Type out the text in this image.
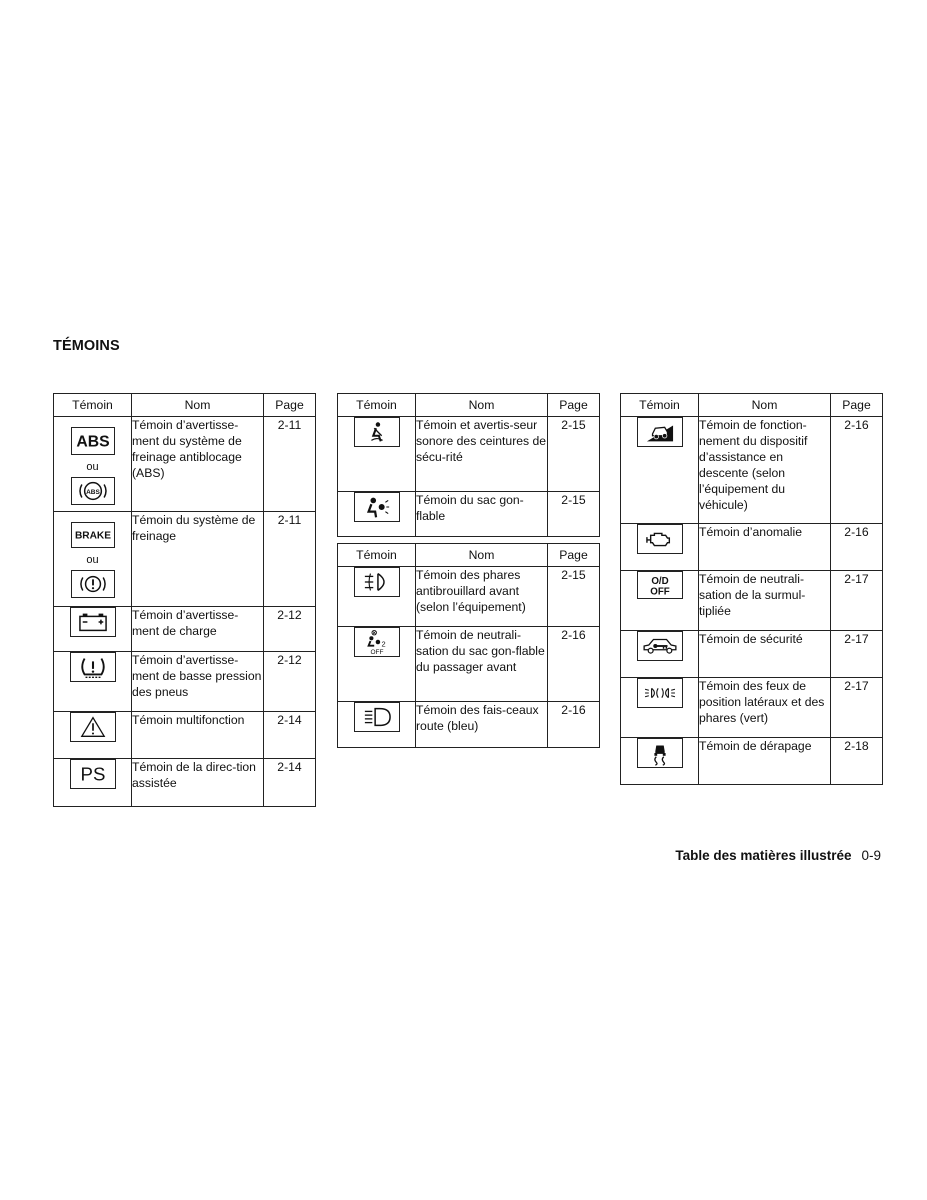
TÉMOINS
Témoin	Nom	Page

ABS
ou
ABS	Témoin d’avertisse-ment du système de freinage antiblocage (ABS)	2-11

BRAKE
ou	Témoin du système de freinage	2-11

	Témoin d’avertisse-ment de charge	2-12

	Témoin d’avertisse-ment de basse pression des pneus	2-12

	Témoin multifonction	2-14

PS	Témoin de la direc-tion assistée	2-14
Témoin	Nom	Page

	Témoin et avertis-seur sonore des ceintures de sécu-rité	2-15

	Témoin du sac gon-flable	2-15
Témoin	Nom	Page

	Témoin des phares antibrouillard avant (selon l’équipement)	2-15

2
OFF	Témoin de neutrali-sation du sac gon-flable du passager avant	2-16

	Témoin des fais-ceaux route (bleu)	2-16
Témoin	Nom	Page

	Témoin de fonction-nement du dispositif d’assistance en descente (selon l’équipement du véhicule)	2-16

	Témoin d’anomalie	2-16

O/D
OFF	Témoin de neutrali-sation de la surmul-tipliée	2-17

	Témoin de sécurité	2-17

	Témoin des feux de position latéraux et des phares (vert)	2-17

	Témoin de dérapage	2-18
Table des matières illustrée 0-9
